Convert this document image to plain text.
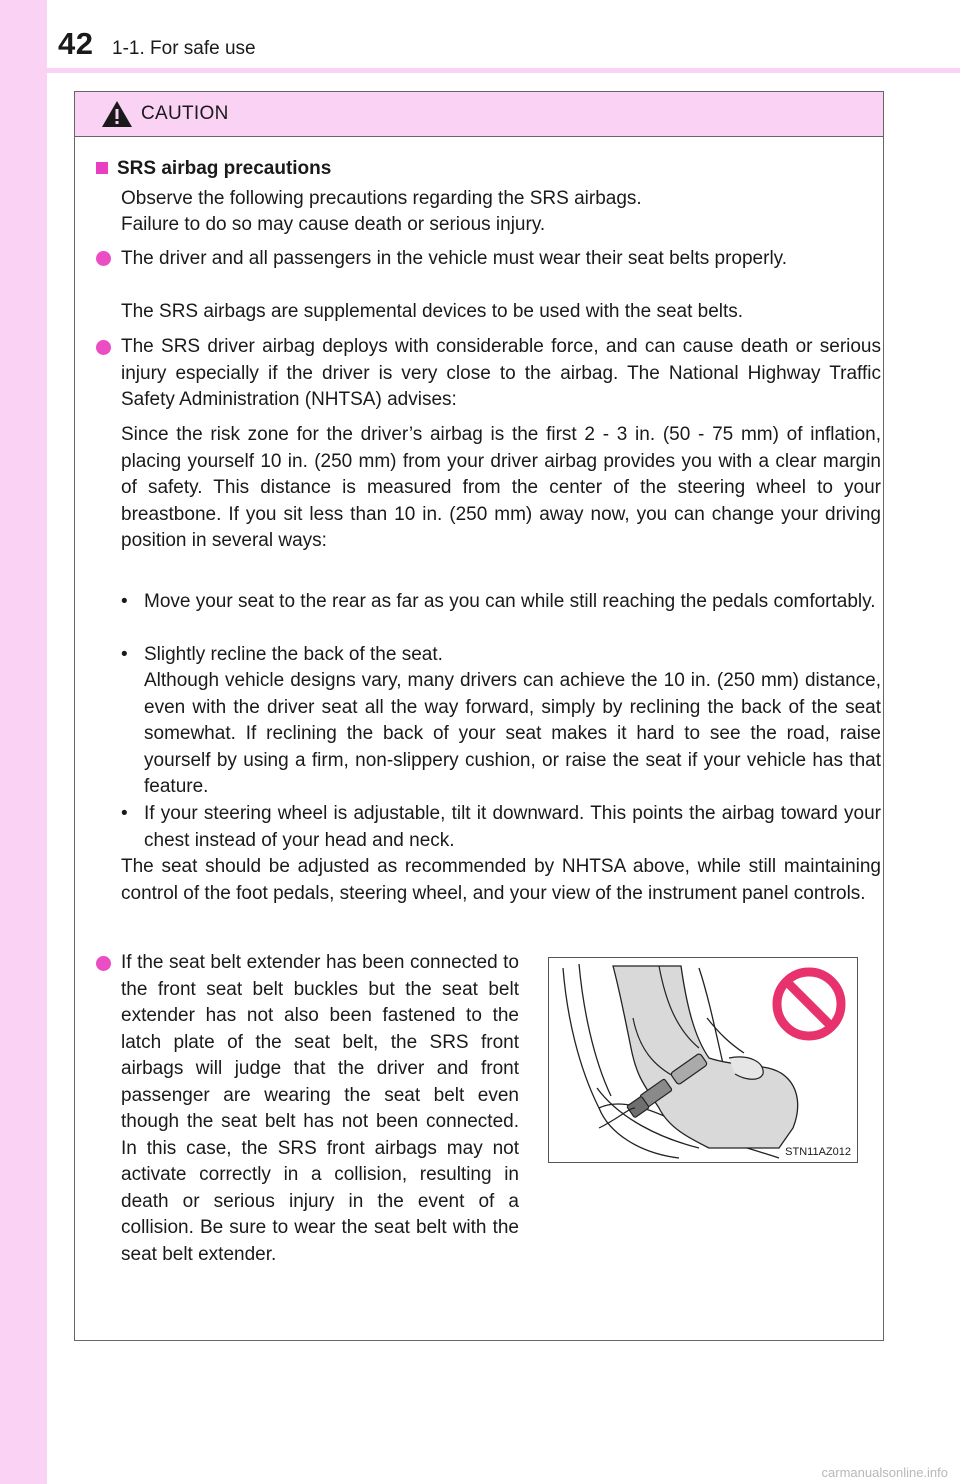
42 1-1. For safe use
CAUTION
SRS airbag precautions
Observe the following precautions regarding the SRS airbags.
Failure to do so may cause death or serious injury.
The driver and all passengers in the vehicle must wear their seat belts properly.
The SRS airbags are supplemental devices to be used with the seat belts.
The SRS driver airbag deploys with considerable force, and can cause death or serious injury especially if the driver is very close to the airbag. The National Highway Traffic Safety Administration (NHTSA) advises:
Since the risk zone for the driver’s airbag is the first 2 - 3 in. (50 - 75 mm) of inflation, placing yourself 10 in. (250 mm) from your driver airbag provides you with a clear margin of safety. This distance is measured from the center of the steering wheel to your breastbone. If you sit less than 10 in. (250 mm) away now, you can change your driving position in several ways:
• Move your seat to the rear as far as you can while still reaching the pedals comfortably.
• Slightly recline the back of the seat.
Although vehicle designs vary, many drivers can achieve the 10 in. (250 mm) distance, even with the driver seat all the way forward, simply by reclining the back of the seat somewhat. If reclining the back of your seat makes it hard to see the road, raise yourself by using a firm, non-slippery cushion, or raise the seat if your vehicle has that feature.
• If your steering wheel is adjustable, tilt it downward. This points the airbag toward your chest instead of your head and neck.
The seat should be adjusted as recommended by NHTSA above, while still maintaining control of the foot pedals, steering wheel, and your view of the instrument panel controls.
If the seat belt extender has been connected to the front seat belt buckles but the seat belt extender has not also been fastened to the latch plate of the seat belt, the SRS front airbags will judge that the driver and front passenger are wearing the seat belt even though the seat belt has not been connected. In this case, the SRS front airbags may not activate correctly in a collision, resulting in death or serious injury in the event of a collision. Be sure to wear the seat belt with the seat belt extender.
STN11AZ012
carmanualsonline.info
